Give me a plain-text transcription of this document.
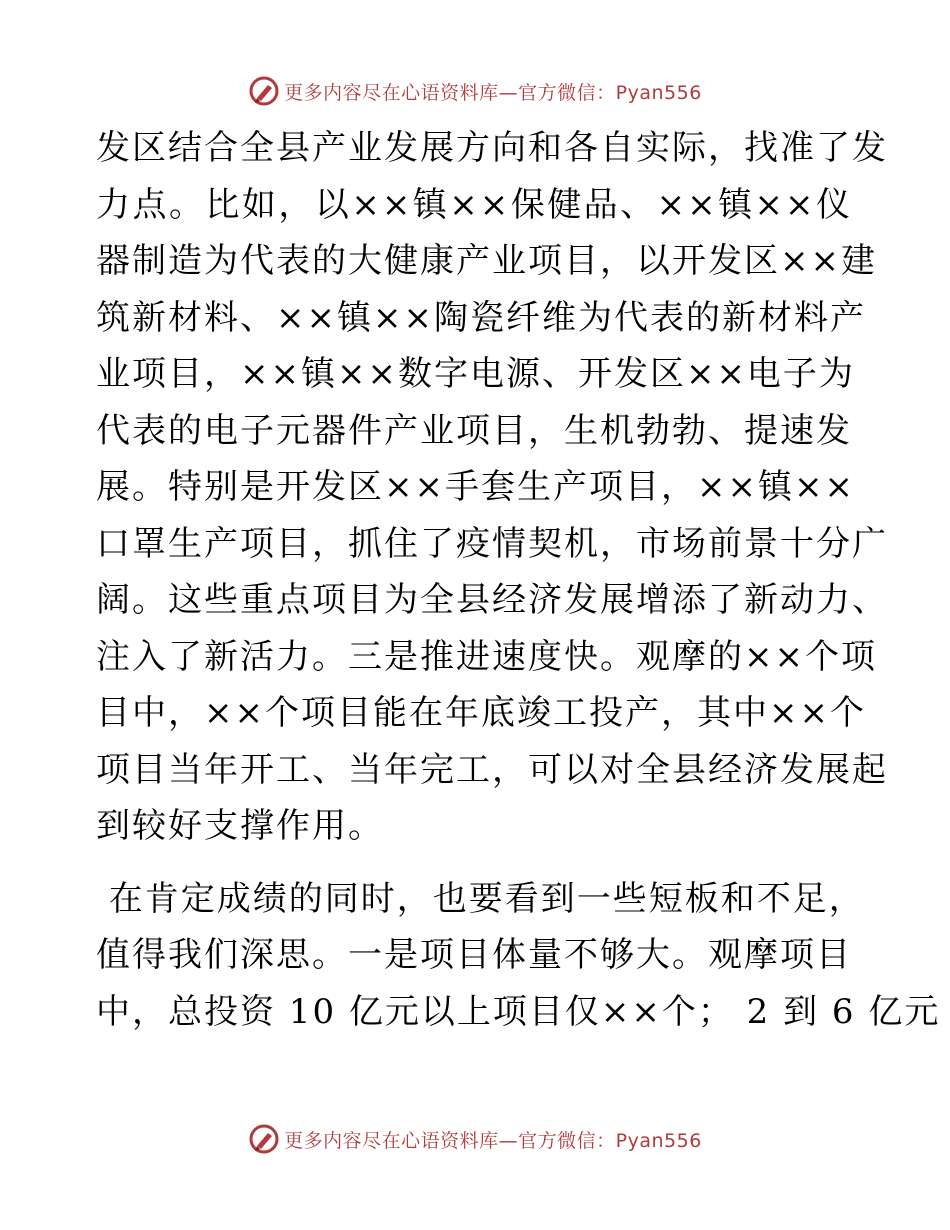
更多内容尽在心语资料库—官方微信：Pyan556
发区结合全县产业发展方向和各自实际，找准了发
力点。比如，以××镇××保健品、××镇××仪
器制造为代表的大健康产业项目，以开发区××建
筑新材料、××镇××陶瓷纤维为代表的新材料产
业项目，××镇××数字电源、开发区××电子为
代表的电子元器件产业项目，生机勃勃、提速发
展。特别是开发区××手套生产项目，××镇××
口罩生产项目，抓住了疫情契机，市场前景十分广
阔。这些重点项目为全县经济发展增添了新动力、
注入了新活力。三是推进速度快。观摩的××个项
目中，××个项目能在年底竣工投产，其中××个
项目当年开工、当年完工，可以对全县经济发展起
到较好支撑作用。
在肯定成绩的同时，也要看到一些短板和不足，
值得我们深思。一是项目体量不够大。观摩项目
中，总投资 10 亿元以上项目仅××个； 2 到 6 亿元
更多内容尽在心语资料库—官方微信：Pyan556
